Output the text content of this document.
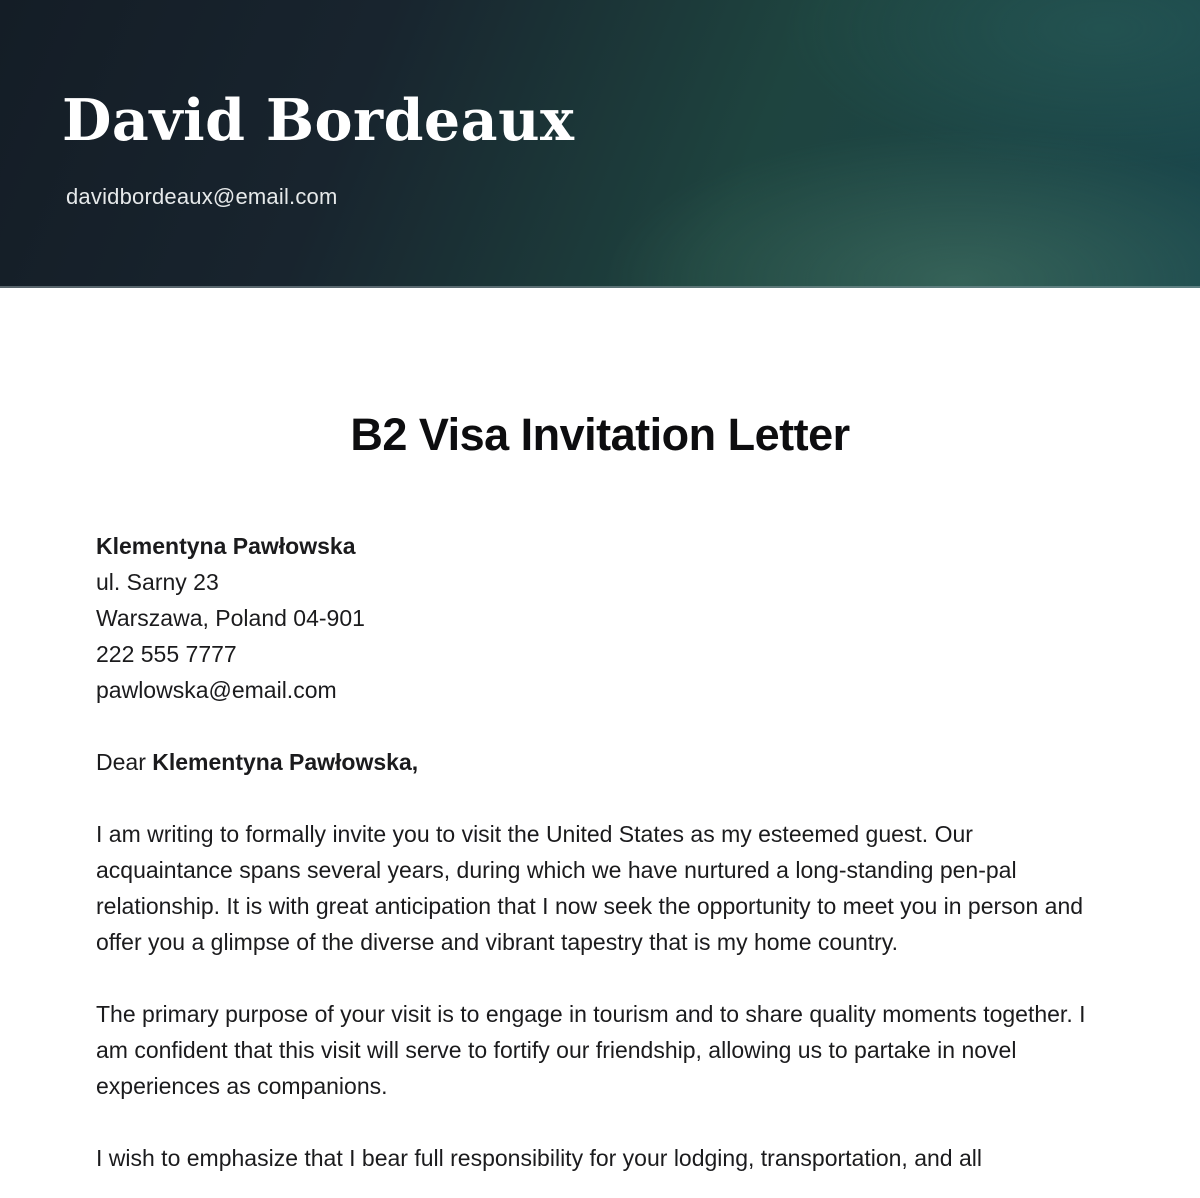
David Bordeaux
davidbordeaux@email.com
B2 Visa Invitation Letter
Klementyna Pawłowska
ul. Sarny 23
Warszawa, Poland 04-901
222 555 7777
pawlowska@email.com

Dear Klementyna Pawłowska,

I am writing to formally invite you to visit the United States as my esteemed guest. Our acquaintance spans several years, during which we have nurtured a long-standing pen-pal relationship. It is with great anticipation that I now seek the opportunity to meet you in person and offer you a glimpse of the diverse and vibrant tapestry that is my home country.

The primary purpose of your visit is to engage in tourism and to share quality moments together. I am confident that this visit will serve to fortify our friendship, allowing us to partake in novel experiences as companions.

I wish to emphasize that I bear full responsibility for your lodging, transportation, and all
